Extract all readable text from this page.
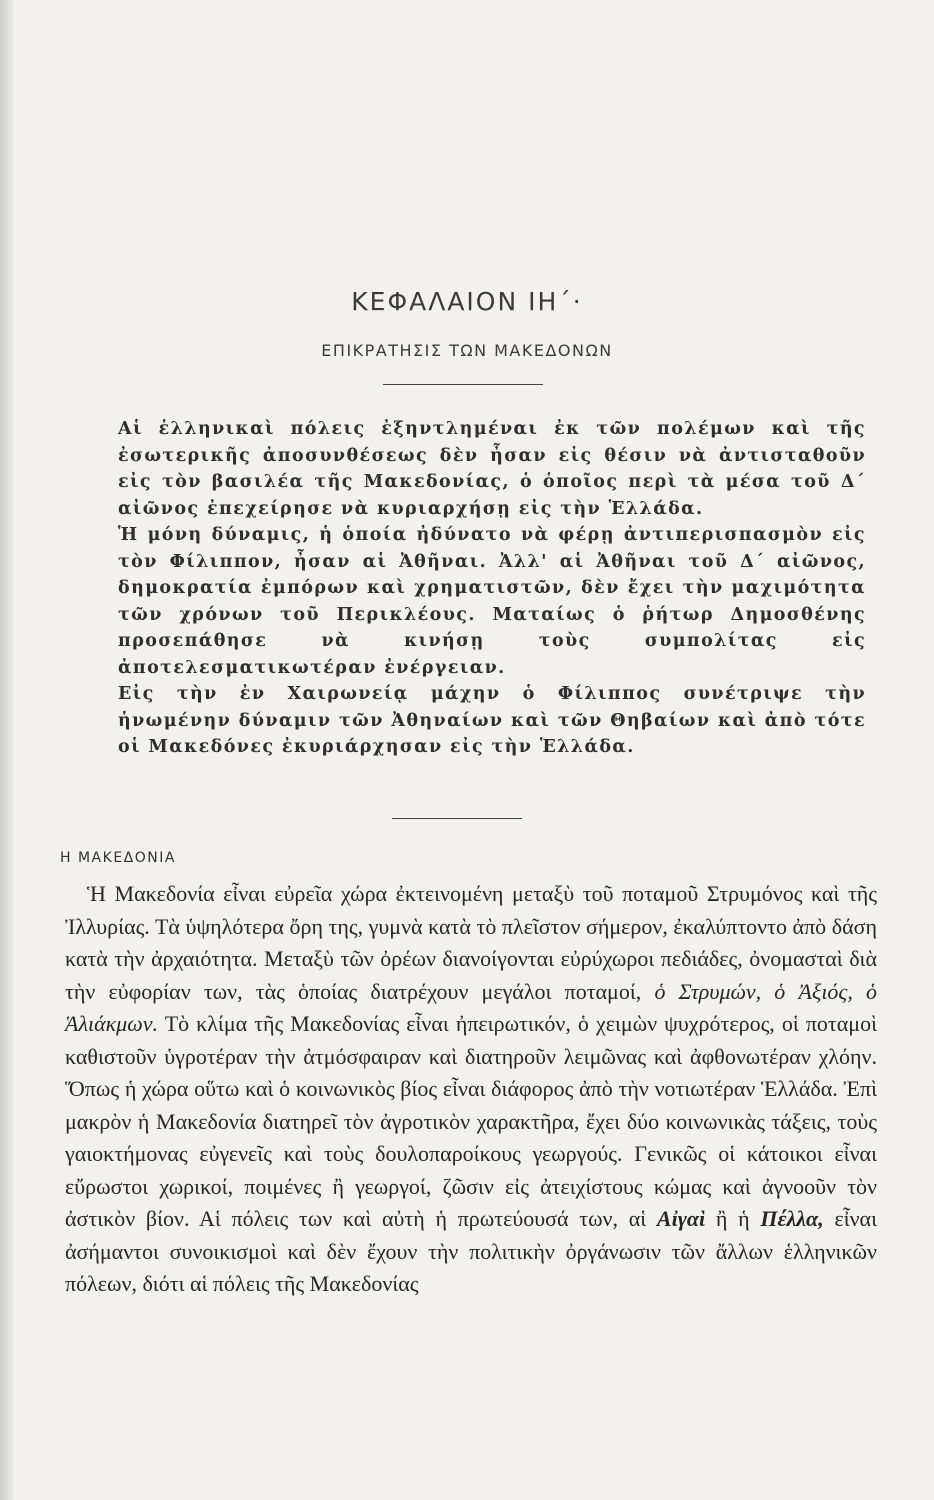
ΚΕΦΑΛΑΙΟΝ ΙΗ΄·
ΕΠΙΚΡΑΤΗΣΙΣ ΤΩΝ ΜΑΚΕΔΟΝΩΝ

Αἱ ἑλληνικαὶ πόλεις ἐξηντλημέναι ἐκ τῶν πολέμων καὶ τῆς ἐσωτερικῆς ἀποσυνθέσεως δὲν ἦσαν εἰς θέσιν νὰ ἀντισταθοῦν εἰς τὸν βασιλέα τῆς Μακεδονίας, ὁ ὁποῖος περὶ τὰ μέσα τοῦ Δ΄ αἰῶνος ἐπεχείρησε νὰ κυριαρχήσῃ εἰς τὴν Ἑλλάδα.

Ἡ μόνη δύναμις, ἡ ὁποία ἠδύνατο νὰ φέρῃ ἀντιπερισπασμὸν εἰς τὸν Φίλιππον, ἦσαν αἱ Ἀθῆναι. Ἀλλ' αἱ Ἀθῆναι τοῦ Δ΄ αἰῶνος, δημοκρατία ἐμπόρων καὶ χρηματιστῶν, δὲν ἔχει τὴν μαχιμότητα τῶν χρόνων τοῦ Περικλέους. Ματαίως ὁ ῥήτωρ Δημοσθένης προσεπάθησε νὰ κινήσῃ τοὺς συμπολίτας εἰς ἀποτελεσματικωτέραν ἐνέργειαν.

Εἰς τὴν ἐν Χαιρωνείᾳ μάχην ὁ Φίλιππος συνέτριψε τὴν ἡνωμένην δύναμιν τῶν Ἀθηναίων καὶ τῶν Θηβαίων καὶ ἀπὸ τότε οἱ Μακεδόνες ἐκυριάρχησαν εἰς τὴν Ἑλλάδα.

Η ΜΑΚΕΔΟΝΙΑ

Ἡ Μακεδονία εἶναι εὐρεῖα χώρα ἐκτεινομένη μεταξὺ τοῦ ποταμοῦ Στρυμόνος καὶ τῆς Ἰλλυρίας. Τὰ ὑψηλότερα ὄρη της, γυμνὰ κατὰ τὸ πλεῖστον σήμερον, ἐκαλύπτοντο ἀπὸ δάση κατὰ τὴν ἀρχαιότητα. Μεταξὺ τῶν ὀρέων διανοίγονται εὐρύχωροι πεδιάδες, ὀνομασταὶ διὰ τὴν εὐφορίαν των, τὰς ὁποίας διατρέχουν μεγάλοι ποταμοί, ὁ Στρυμών, ὁ Ἀξιός, ὁ Ἁλιάκμων. Τὸ κλίμα τῆς Μακεδονίας εἶναι ἠπειρωτικόν, ὁ χειμὼν ψυχρότερος, οἱ ποταμοὶ καθιστοῦν ὑγροτέραν τὴν ἀτμόσφαιραν καὶ διατηροῦν λειμῶνας καὶ ἀφθονωτέραν χλόην. Ὅπως ἡ χώρα οὕτω καὶ ὁ κοινωνικὸς βίος εἶναι διάφορος ἀπὸ τὴν νοτιωτέραν Ἑλλάδα. Ἐπὶ μακρὸν ἡ Μακεδονία διατηρεῖ τὸν ἀγροτικὸν χαρακτῆρα, ἔχει δύο κοινωνικὰς τάξεις, τοὺς γαιοκτήμονας εὐγενεῖς καὶ τοὺς δουλοπαροίκους γεωργούς. Γενικῶς οἱ κάτοικοι εἶναι εὔρωστοι χωρικοί, ποιμένες ἢ γεωργοί, ζῶσιν εἰς ἀτειχίστους κώμας καὶ ἀγνοοῦν τὸν ἀστικὸν βίον. Αἱ πόλεις των καὶ αὐτὴ ἡ πρωτεύουσά των, αἱ Αἰγαὶ ἢ ἡ Πέλλα, εἶναι ἀσήμαντοι συνοικισμοὶ καὶ δὲν ἔχουν τὴν πολιτικὴν ὀργάνωσιν τῶν ἄλλων ἑλληνικῶν πόλεων, διότι αἱ πόλεις τῆς Μακεδονίας
